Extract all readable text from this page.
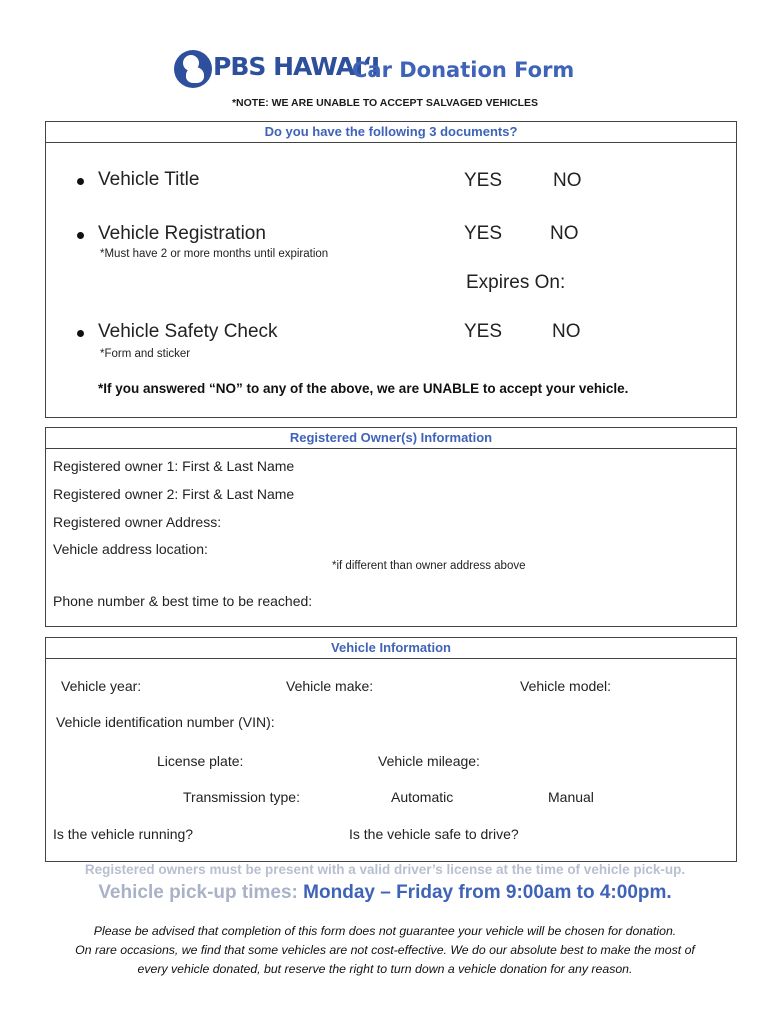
PBS HAWAIʻI
Car Donation Form
*NOTE: WE ARE UNABLE TO ACCEPT SALVAGED VEHICLES
Do you have the following 3 documents?
Vehicle Title	YES	NO
Vehicle Registration	YES	NO
*Must have 2 or more months until expiration
Expires On:
Vehicle Safety Check	YES	NO
*Form and sticker
*If you answered “NO” to any of the above, we are UNABLE to accept your vehicle.
Registered Owner(s) Information
Registered owner 1: First & Last Name
Registered owner 2: First & Last Name
Registered owner Address:
Vehicle address location:
*if different than owner address above
Phone number & best time to be reached:
Vehicle Information
Vehicle year:	Vehicle make:	Vehicle model:
Vehicle identification number (VIN):
License plate:	Vehicle mileage:
Transmission type:	Automatic	Manual
Is the vehicle running?	Is the vehicle safe to drive?
Registered owners must be present with a valid driver’s license at the time of vehicle pick-up.
Vehicle pick-up times: Monday – Friday from 9:00am to 4:00pm.
Please be advised that completion of this form does not guarantee your vehicle will be chosen for donation.
On rare occasions, we find that some vehicles are not cost-effective. We do our absolute best to make the most of
every vehicle donated, but reserve the right to turn down a vehicle donation for any reason.
